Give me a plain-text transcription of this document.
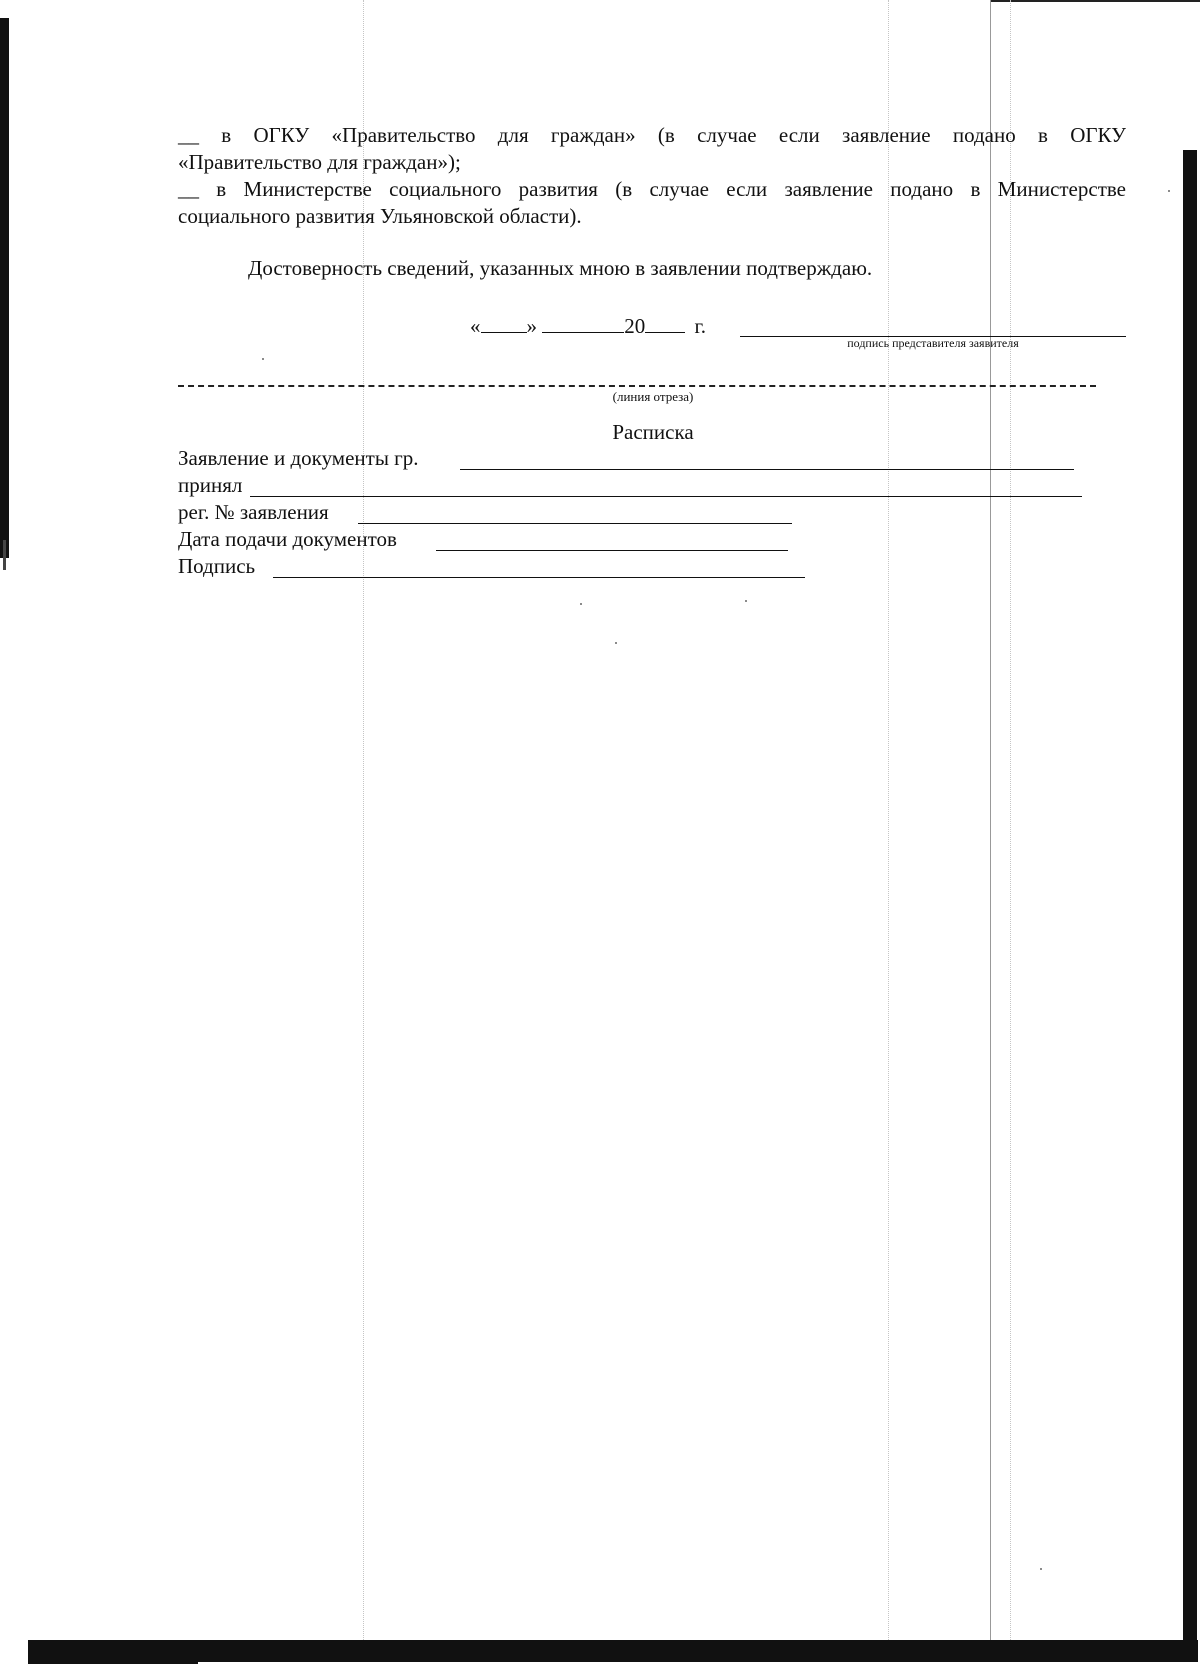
__ в ОГКУ «Правительство для граждан» (в случае если заявление подано в ОГКУ
«Правительство для граждан»);
__ в Министерстве социального развития (в случае если заявление подано в Министерстве
социального развития Ульяновской области).
Достоверность сведений, указанных мною в заявлении подтверждаю.
« »	20 г.
подпись представителя заявителя
(линия отреза)
Расписка
Заявление и документы гр.
принял
рег. № заявления
Дата подачи документов
Подпись
